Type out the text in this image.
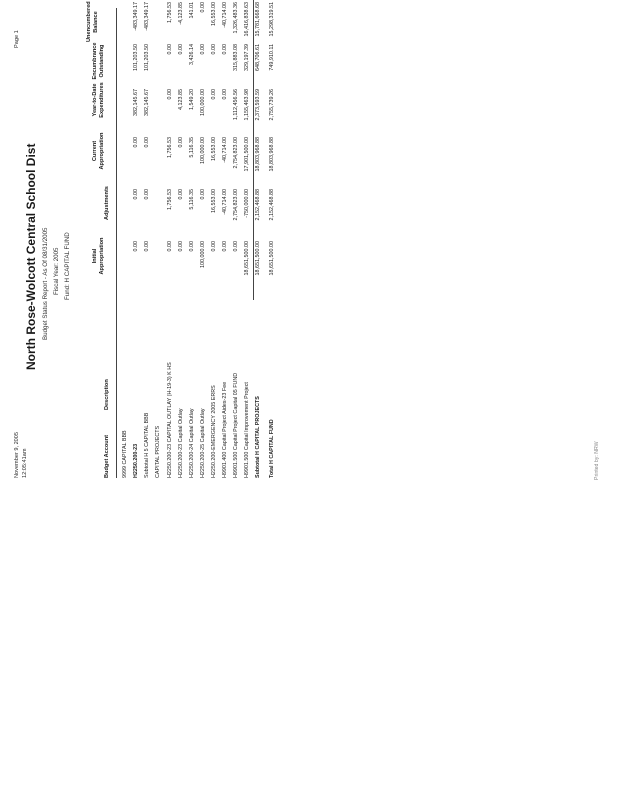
November 9, 2005 12:05:41am
Page 1
North Rose-Wolcott Central School Dist Budget Status Report - As Of 08/31/2005 Fiscal Year: 2005 Fund: H CAPITAL FUND
Budget Account
Description
Initial Appropriation
Adjustments
Current Appropriation
Year-to-Date Expenditures
Encumbrance Outstanding
Unencumbered Balance
9999 CAPITAL BBB H2250.200-23
0.00
0.00
0.00
382,145.67
101,203.50
-483,349.17
Subtotal H 5 CAPITAL BBB
0.00
0.00
0.00
382,145.67
101,203.50
-483,349.17
CAPITAL PROJECTS H2250.200-23 CAPITAL OUTLAY (H-19-3) K HS
0.00
1,756.53
1,756.53
0.00
0.00
1,756.53
H2250.200-23 Capital Outlay
0.00
0.00
0.00
4,123.85
0.00
-4,123.85
H2250.200-24 Capital Outlay
0.00
5,116.35
5,116.35
1,549.20
3,426.14
141.01
H2250.200-25 Capital Outlay
100,000.00
0.00
100,000.00
100,000.00
0.00
0.00
H2250.200-EMERGENCY 2005 ERRS
0.00
16,553.00
16,553.00
0.00
0.00
16,553.00
H9901.400 Capital Project Aides-23 Fee
0.00
-40,714.00
-40,714.00
0.00
0.00
-40,714.00
H9901.500 Capital Project Capital 05 FUND
0.00
2,754,823.00
2,754,823.00
1,112,456.56
315,883.08
1,326,483.36
H9901.500 Capital Improvement Project
18,651,500.00
-750,000.00
17,901,500.00
1,155,463.98
329,197.39
16,416,838.63
Subtotal H CAPITAL PROJECTS
18,651,500.00
2,152,468.88
18,803,968.88
2,373,593.59
648,706.61
15,781,668.68
Total H CAPITAL FUND
18,651,500.00
2,152,468.88
18,803,968.88
2,755,739.26
749,910.11
15,298,319.51
Printed by: NRW
